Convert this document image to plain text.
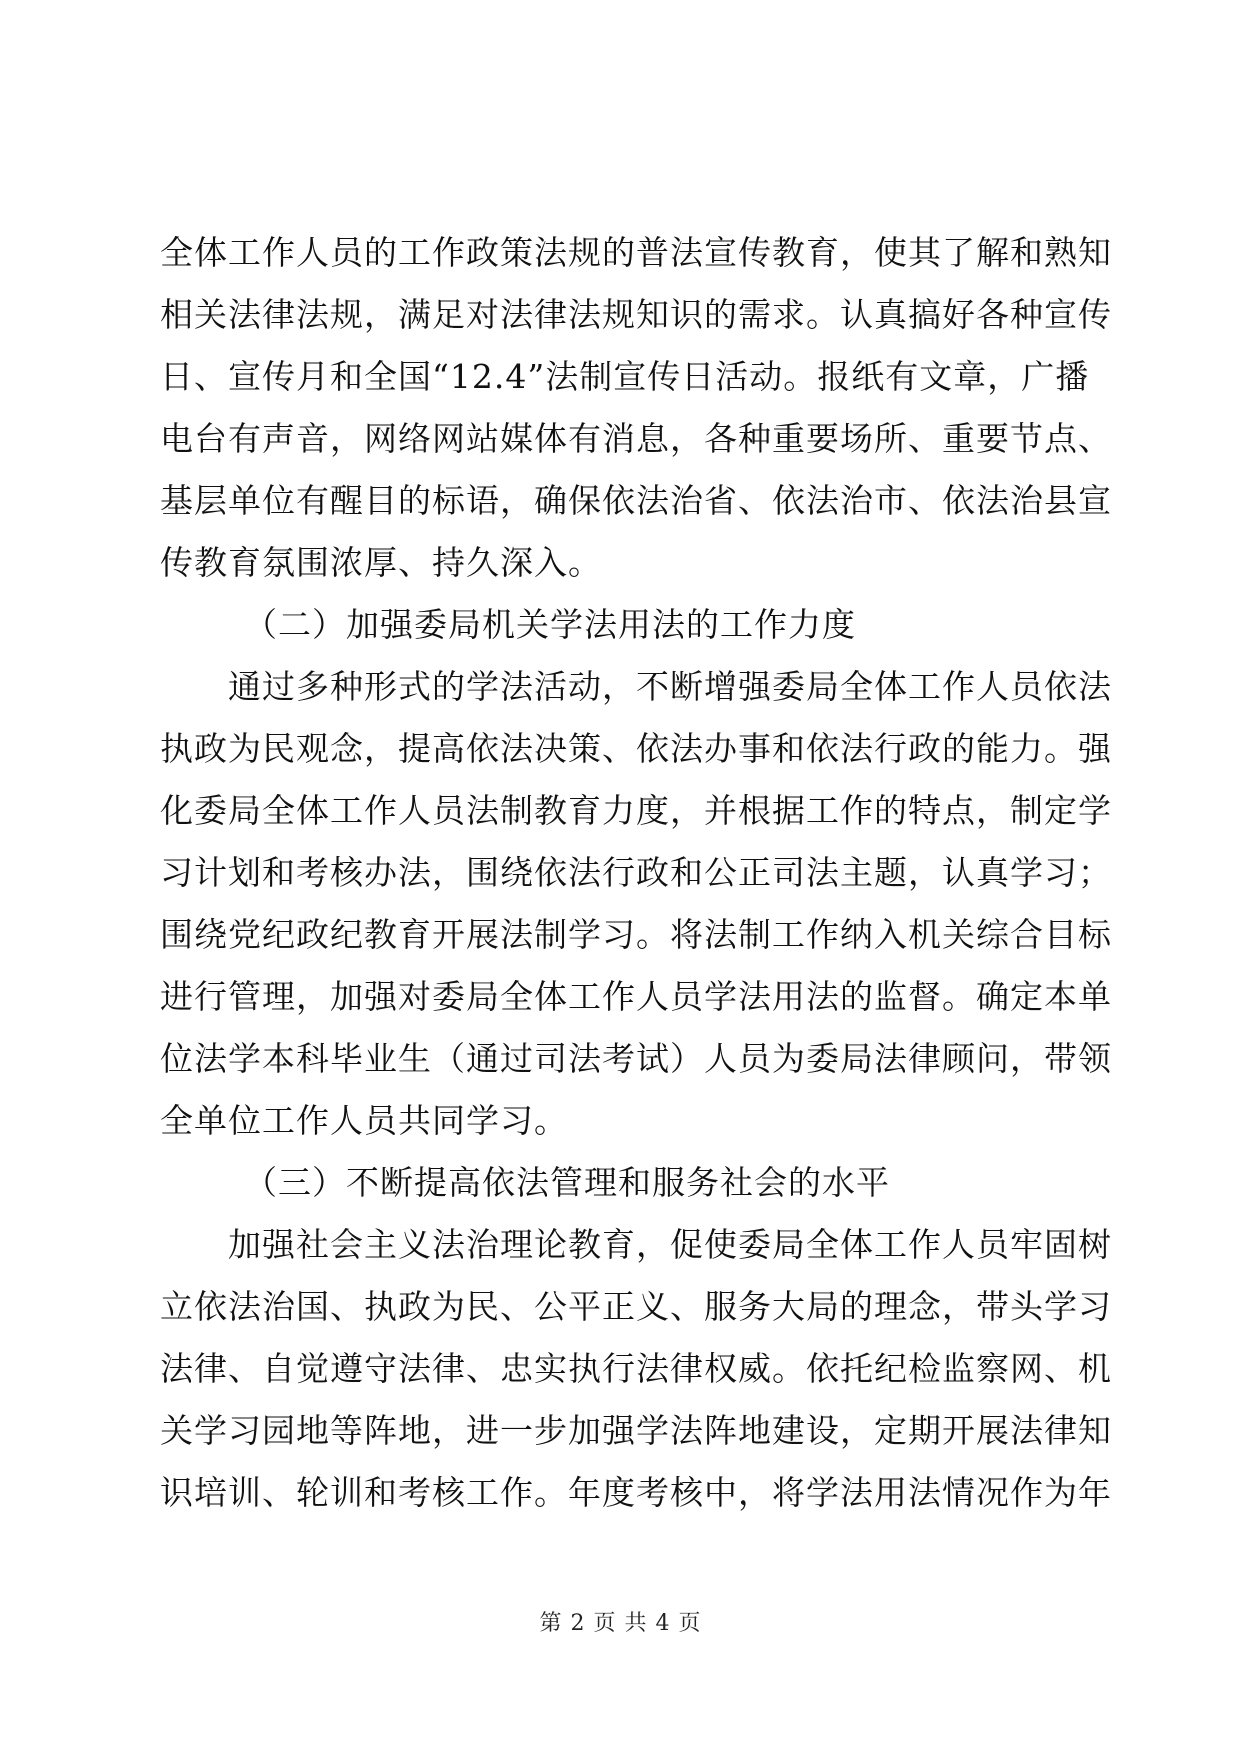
全体工作人员的工作政策法规的普法宣传教育，使其了解和熟知
相关法律法规，满足对法律法规知识的需求。认真搞好各种宣传
日、宣传月和全国“12.4”法制宣传日活动。报纸有文章，广播
电台有声音，网络网站媒体有消息，各种重要场所、重要节点、
基层单位有醒目的标语，确保依法治省、依法治市、依法治县宣
传教育氛围浓厚、持久深入。
（二）加强委局机关学法用法的工作力度
通过多种形式的学法活动，不断增强委局全体工作人员依法
执政为民观念，提高依法决策、依法办事和依法行政的能力。强
化委局全体工作人员法制教育力度，并根据工作的特点，制定学
习计划和考核办法，围绕依法行政和公正司法主题，认真学习；
围绕党纪政纪教育开展法制学习。将法制工作纳入机关综合目标
进行管理，加强对委局全体工作人员学法用法的监督。确定本单
位法学本科毕业生（通过司法考试）人员为委局法律顾问，带领
全单位工作人员共同学习。
（三）不断提高依法管理和服务社会的水平
加强社会主义法治理论教育，促使委局全体工作人员牢固树
立依法治国、执政为民、公平正义、服务大局的理念，带头学习
法律、自觉遵守法律、忠实执行法律权威。依托纪检监察网、机
关学习园地等阵地，进一步加强学法阵地建设，定期开展法律知
识培训、轮训和考核工作。年度考核中，将学法用法情况作为年
第 2 页 共 4 页
